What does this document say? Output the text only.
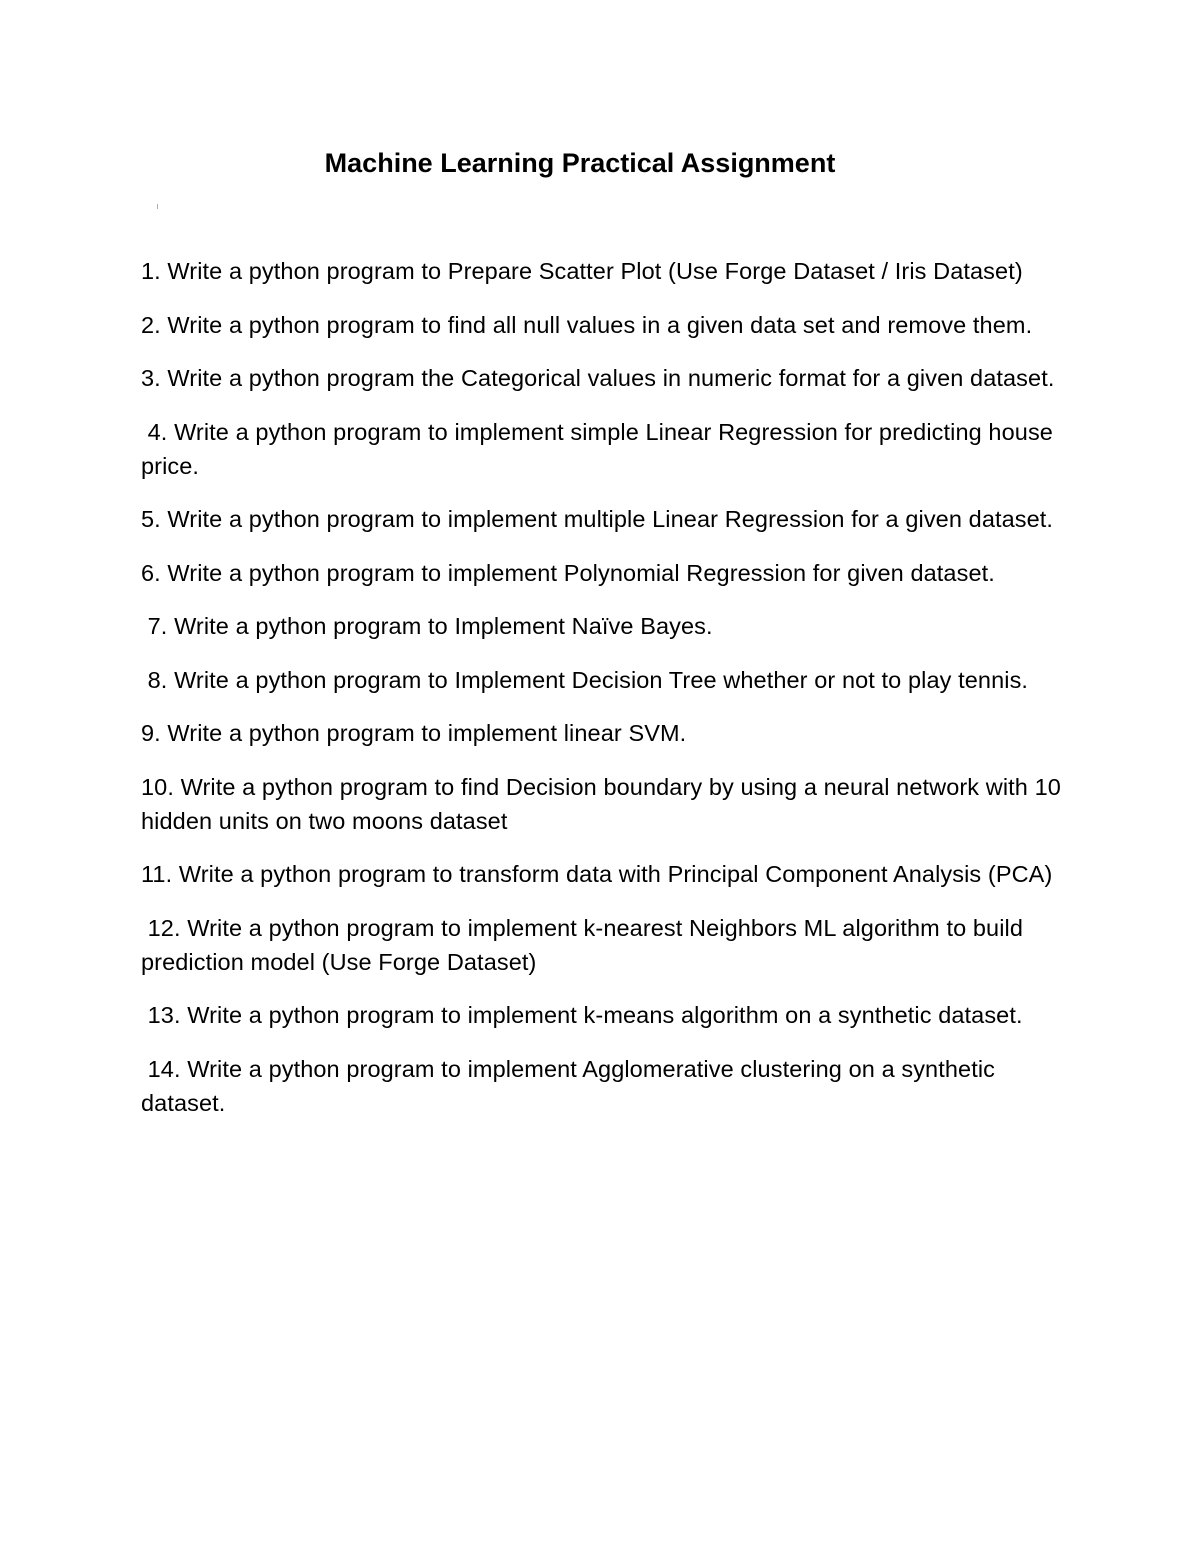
Machine Learning Practical Assignment
1. Write a python program to Prepare Scatter Plot (Use Forge Dataset / Iris Dataset)
2. Write a python program to find all null values in a given data set and remove them.
3. Write a python program the Categorical values in numeric format for a given dataset.
4. Write a python program to implement simple Linear Regression for predicting house price.
5. Write a python program to implement multiple Linear Regression for a given dataset.
6. Write a python program to implement Polynomial Regression for given dataset.
7. Write a python program to Implement Naïve Bayes.
8. Write a python program to Implement Decision Tree whether or not to play tennis.
9. Write a python program to implement linear SVM.
10. Write a python program to find Decision boundary by using a neural network with 10 hidden units on two moons dataset
11. Write a python program to transform data with Principal Component Analysis (PCA)
12. Write a python program to implement k-nearest Neighbors ML algorithm to build prediction model (Use Forge Dataset)
13. Write a python program to implement k-means algorithm on a synthetic dataset.
14. Write a python program to implement Agglomerative clustering on a synthetic dataset.
